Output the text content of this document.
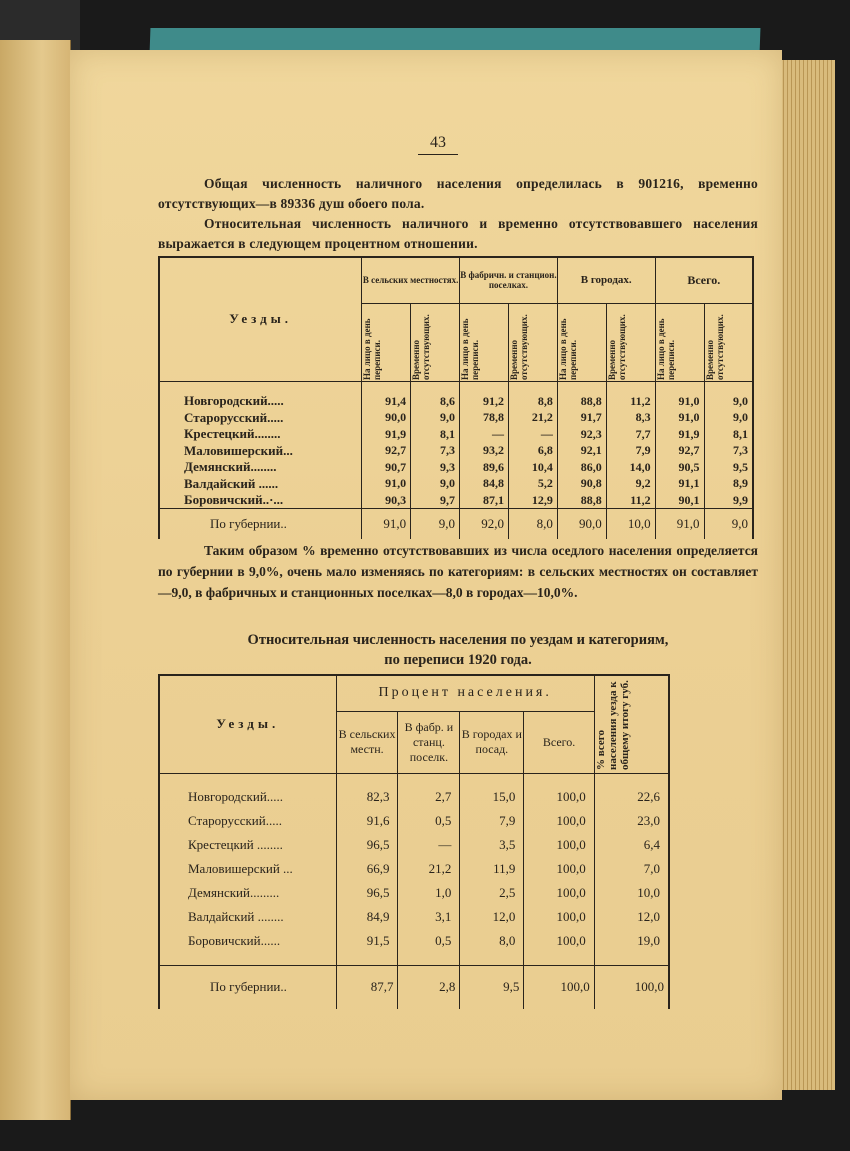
43
Общая численность наличного населения определилась в 901216, временно отсутствующих—в 89336 душ обоего пола.
Относительная численность наличного и временно отсутствовавшего населения выражается в следующем процентном отношении.
Уезды.	В сельских местностях.		В фабричн. и станцион. поселках.		В городах.		Всего.	

	На лицо в день переписи.	Временно отсутствующих.	На лицо в день переписи.	Временно отсутствующих.	На лицо в день переписи.	Временно отсутствующих.	На лицо в день переписи.	Временно отсутствующих.

Новгородский.....	91,4	8,6	91,2	8,8	88,8	11,2	91,0	9,0
Старорусский.....	90,0	9,0	78,8	21,2	91,7	8,3	91,0	9,0
Крестецкий........	91,9	8,1	—	—	92,3	7,7	91,9	8,1
Маловишерский...	92,7	7,3	93,2	6,8	92,1	7,9	92,7	7,3
Демянский........	90,7	9,3	89,6	10,4	86,0	14,0	90,5	9,5
Валдайский ......	91,0	9,0	84,8	5,2	90,8	9,2	91,1	8,9
Боровичский..·...	90,3	9,7	87,1	12,9	88,8	11,2	90,1	9,9
По губернии..	91,0	9,0	92,0	8,0	90,0	10,0	91,0	9,0
Таким образом % временно отсутствовавших из числа оседлого населения определяется по губернии в 9,0%, очень мало изменяясь по категориям: в сельских местностях он составляет—9,0, в фабричных и станционных поселках—8,0 в городах—10,0%.
Относительная численность населения по уездам и категориям,
по переписи 1920 года.
Уезды.	Процент населения.				% всего населения уезда к общему итогу губ.

	В сельских местн.	В фабр. и станц. поселк.	В городах и посад.	Всего.	

Новгородский.....	82,3	2,7	15,0	100,0	22,6
Старорусский.....	91,6	0,5	7,9	100,0	23,0
Крестецкий ........	96,5	—	3,5	100,0	6,4
Маловишерский ...	66,9	21,2	11,9	100,0	7,0
Демянский.........	96,5	1,0	2,5	100,0	10,0
Валдайский ........	84,9	3,1	12,0	100,0	12,0
Боровичский......	91,5	0,5	8,0	100,0	19,0

По губернии..	87,7	2,8	9,5	100,0	100,0
